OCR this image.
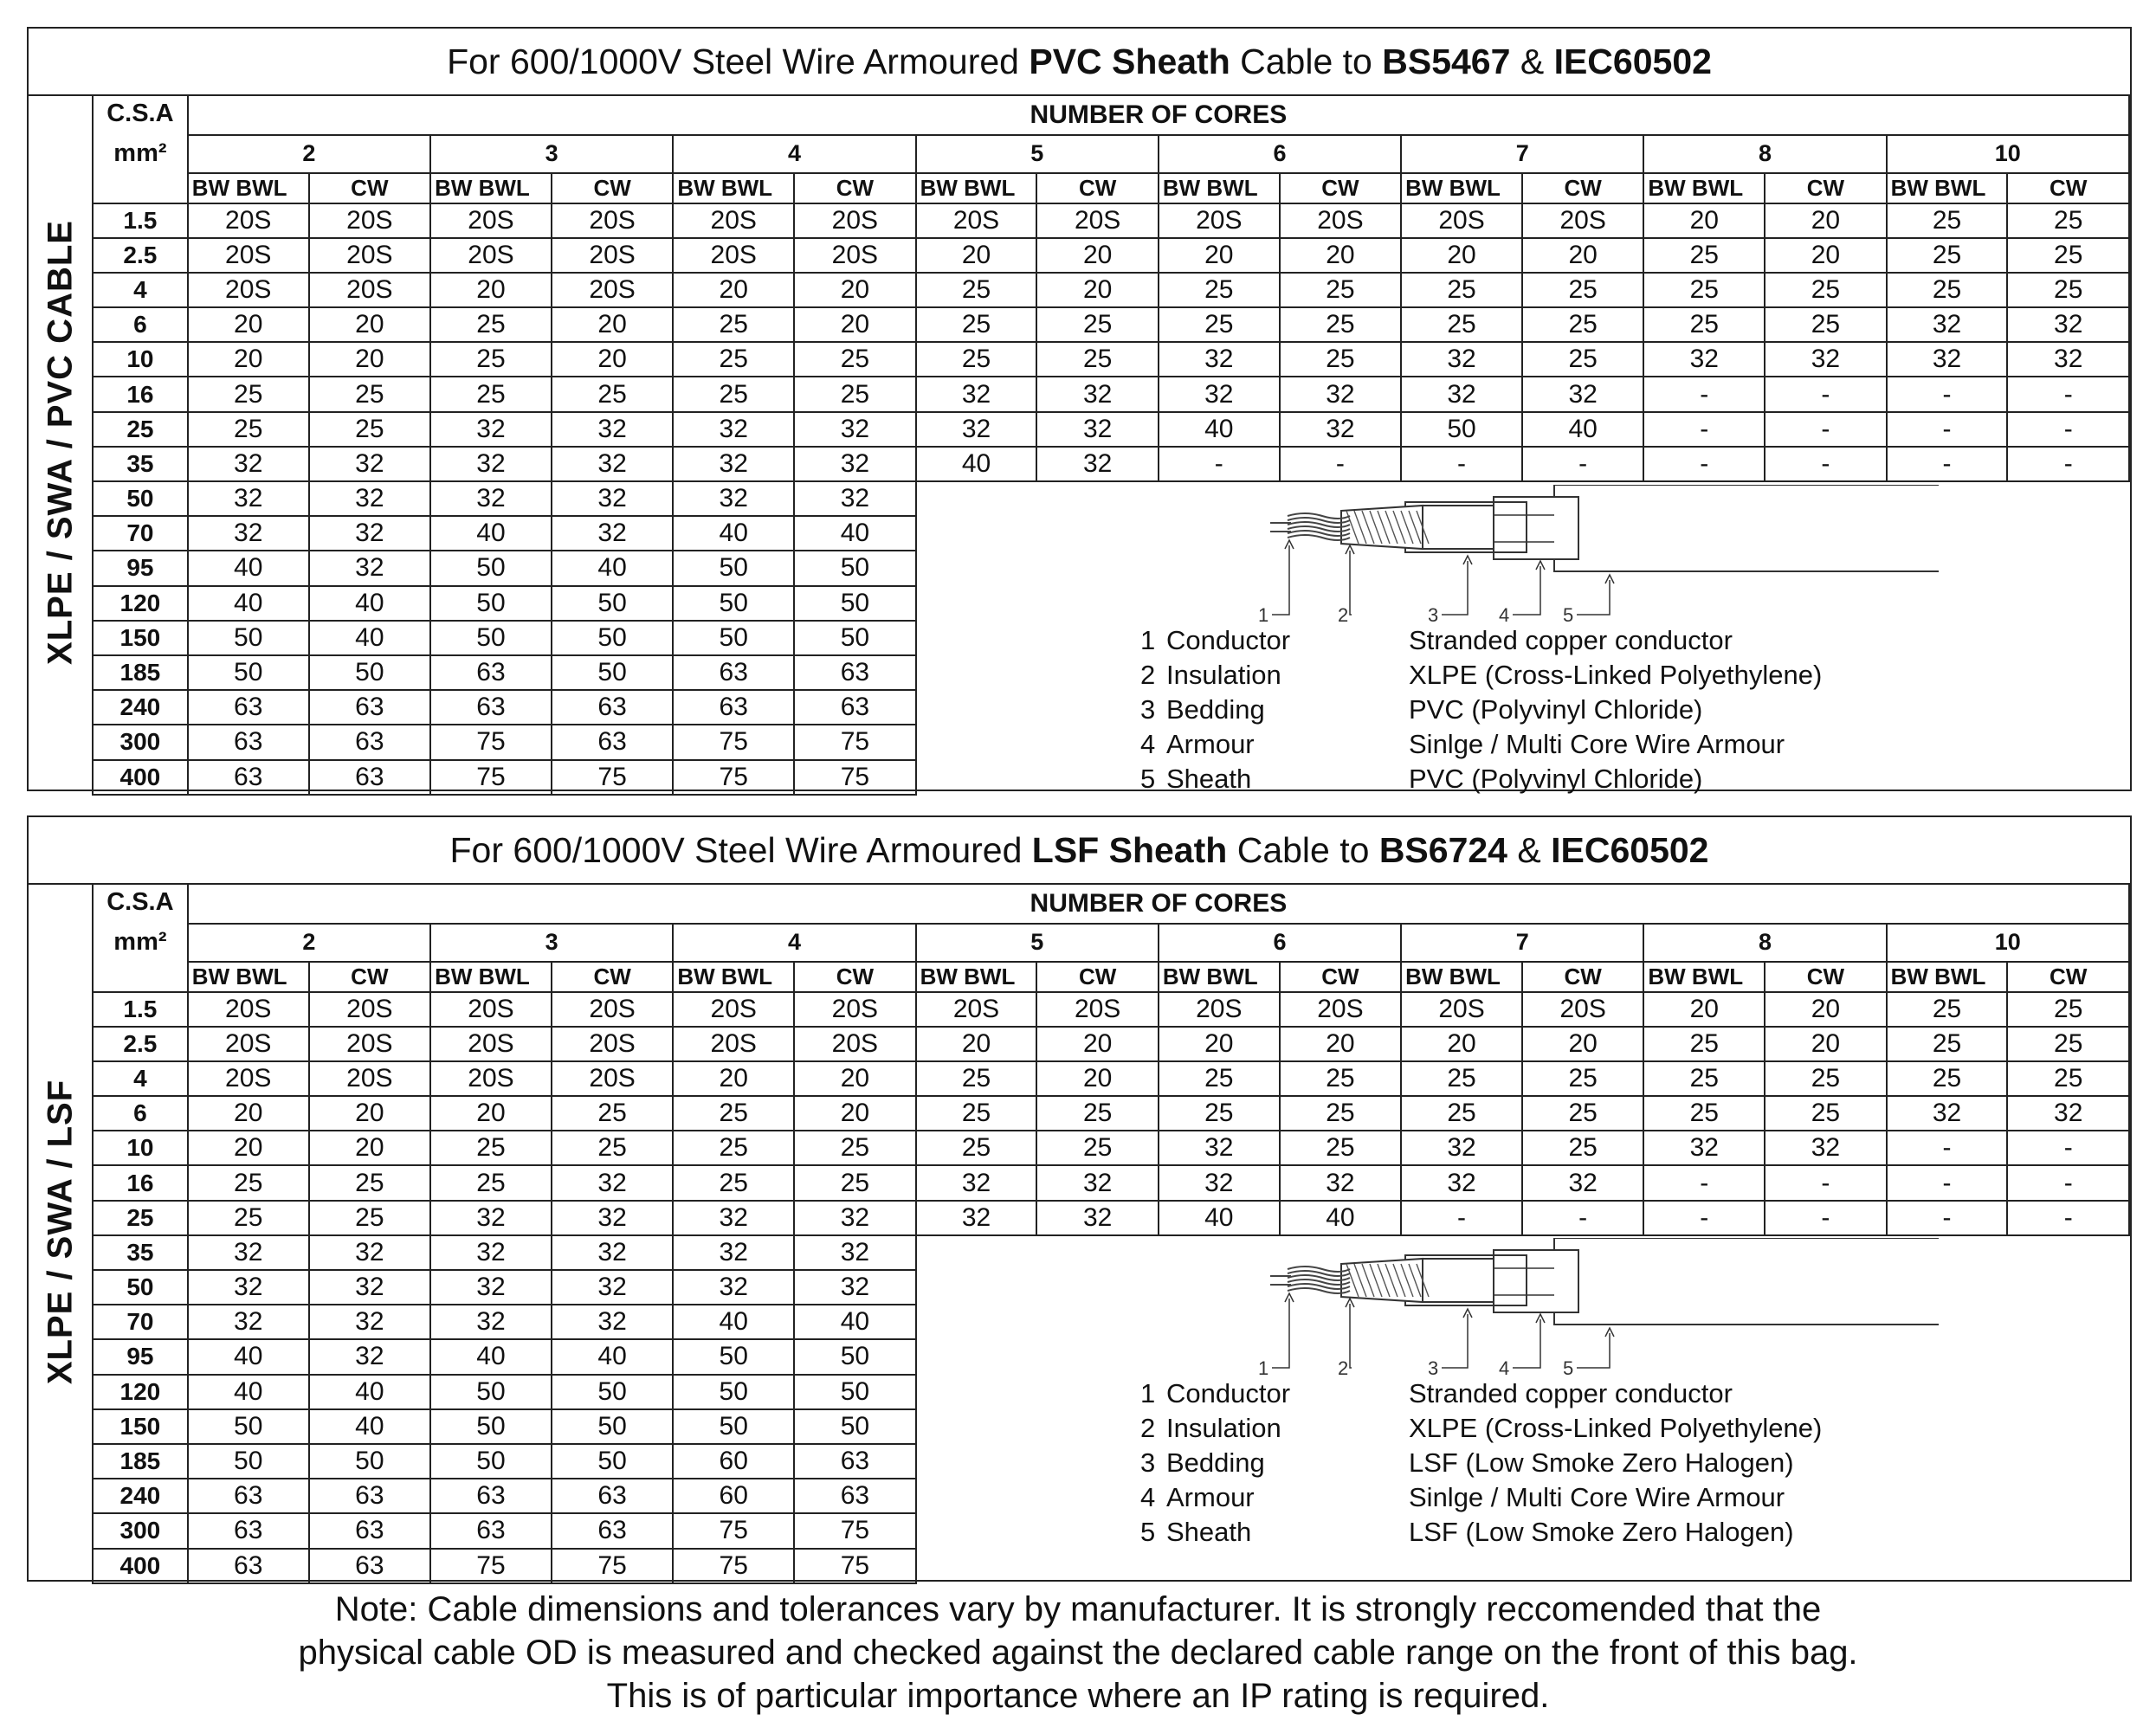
For 600/1000V Steel Wire Armoured PVC Sheath Cable to BS5467 & IEC60502
XLPE / SWA / PVC CABLE
C.S.A	NUMBER OF CORES															
mm²	2		3		4		5		6		7		8		10	
	BW BWL	CW	BW BWL	CW	BW BWL	CW	BW BWL	CW	BW BWL	CW	BW BWL	CW	BW BWL	CW	BW BWL	CW
1.5	20S	20S	20S	20S	20S	20S	20S	20S	20S	20S	20S	20S	20	20	25	25
2.5	20S	20S	20S	20S	20S	20S	20	20	20	20	20	20	25	20	25	25
4	20S	20S	20	20S	20	20	25	20	25	25	25	25	25	25	25	25
6	20	20	25	20	25	20	25	25	25	25	25	25	25	25	32	32
10	20	20	25	20	25	25	25	25	32	25	32	25	32	32	32	32
16	25	25	25	25	25	25	32	32	32	32	32	32	-	-	-	-
25	25	25	32	32	32	32	32	32	40	32	50	40	-	-	-	-
35	32	32	32	32	32	32	40	32	-	-	-	-	-	-	-	-
50	32	32	32	32	32	32										
70	32	32	40	32	40	40										
95	40	32	50	40	50	50										
120	40	40	50	50	50	50										
150	50	40	50	50	50	50										
185	50	50	63	50	63	63										
240	63	63	63	63	63	63										
300	63	63	75	63	75	75										
400	63	63	75	75	75	75										
1	2	3	4	5
1 Conductor	Stranded copper conductor
2 Insulation	XLPE (Cross-Linked Polyethylene)
3 Bedding	PVC (Polyvinyl Chloride)
4 Armour	Sinlge / Multi Core Wire Armour
5 Sheath	PVC (Polyvinyl Chloride)
For 600/1000V Steel Wire Armoured LSF Sheath Cable to BS6724 & IEC60502
XLPE / SWA / LSF
C.S.A	NUMBER OF CORES															
mm²	2		3		4		5		6		7		8		10	
	BW BWL	CW	BW BWL	CW	BW BWL	CW	BW BWL	CW	BW BWL	CW	BW BWL	CW	BW BWL	CW	BW BWL	CW
1.5	20S	20S	20S	20S	20S	20S	20S	20S	20S	20S	20S	20S	20	20	25	25
2.5	20S	20S	20S	20S	20S	20S	20	20	20	20	20	20	25	20	25	25
4	20S	20S	20S	20S	20	20	25	20	25	25	25	25	25	25	25	25
6	20	20	20	25	25	20	25	25	25	25	25	25	25	25	32	32
10	20	20	25	25	25	25	25	25	32	25	32	25	32	32	-	-
16	25	25	25	32	25	25	32	32	32	32	32	32	-	-	-	-
25	25	25	32	32	32	32	32	32	40	40	-	-	-	-	-	-
35	32	32	32	32	32	32										
50	32	32	32	32	32	32										
70	32	32	32	32	40	40										
95	40	32	40	40	50	50										
120	40	40	50	50	50	50										
150	50	40	50	50	50	50										
185	50	50	50	50	60	63										
240	63	63	63	63	60	63										
300	63	63	63	63	75	75										
400	63	63	75	75	75	75										
1	2	3	4	5
1 Conductor	Stranded copper conductor
2 Insulation	XLPE (Cross-Linked Polyethylene)
3 Bedding	LSF (Low Smoke Zero Halogen)
4 Armour	Sinlge / Multi Core Wire Armour
5 Sheath	LSF (Low Smoke Zero Halogen)
Note: Cable dimensions and tolerances vary by manufacturer. It is strongly reccomended that the
physical cable OD is measured and checked against the declared cable range on the front of this bag.
This is of particular importance where an IP rating is required.
